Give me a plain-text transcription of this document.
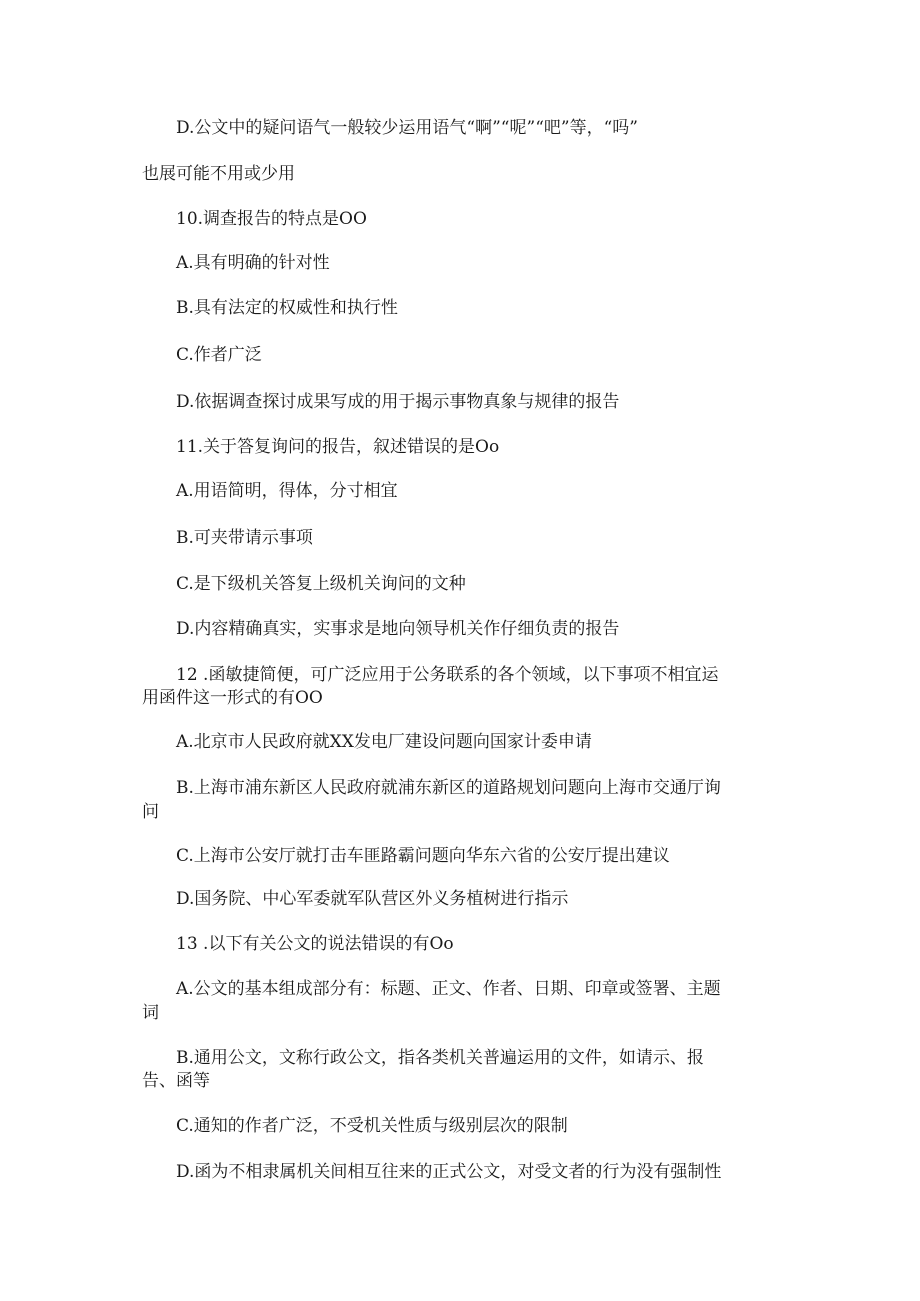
D.公文中的疑问语气一般较少运用语气“啊”“呢”“吧”等，“吗”
也展可能不用或少用
10.调查报告的特点是OO
A.具有明确的针对性
B.具有法定的权威性和执行性
C.作者广泛
D.依据调查探讨成果写成的用于揭示事物真象与规律的报告
11.关于答复询问的报告，叙述错误的是Oo
A.用语简明，得体，分寸相宜
B.可夹带请示事项
C.是下级机关答复上级机关询问的文种
D.内容精确真实，实事求是地向领导机关作仔细负责的报告
12 .函敏捷简便，可广泛应用于公务联系的各个领域，以下事项不相宜运
用函件这一形式的有OO
A.北京市人民政府就XX发电厂建设问题向国家计委申请
B.上海市浦东新区人民政府就浦东新区的道路规划问题向上海市交通厅询
问
C.上海市公安厅就打击车匪路霸问题向华东六省的公安厅提出建议
D.国务院、中心军委就军队营区外义务植树进行指示
13 .以下有关公文的说法错误的有Oo
A.公文的基本组成部分有：标题、正文、作者、日期、印章或签署、主题
词
B.通用公文，文称行政公文，指各类机关普遍运用的文件，如请示、报
告、函等
C.通知的作者广泛，不受机关性质与级别层次的限制
D.函为不相隶属机关间相互往来的正式公文，对受文者的行为没有强制性
